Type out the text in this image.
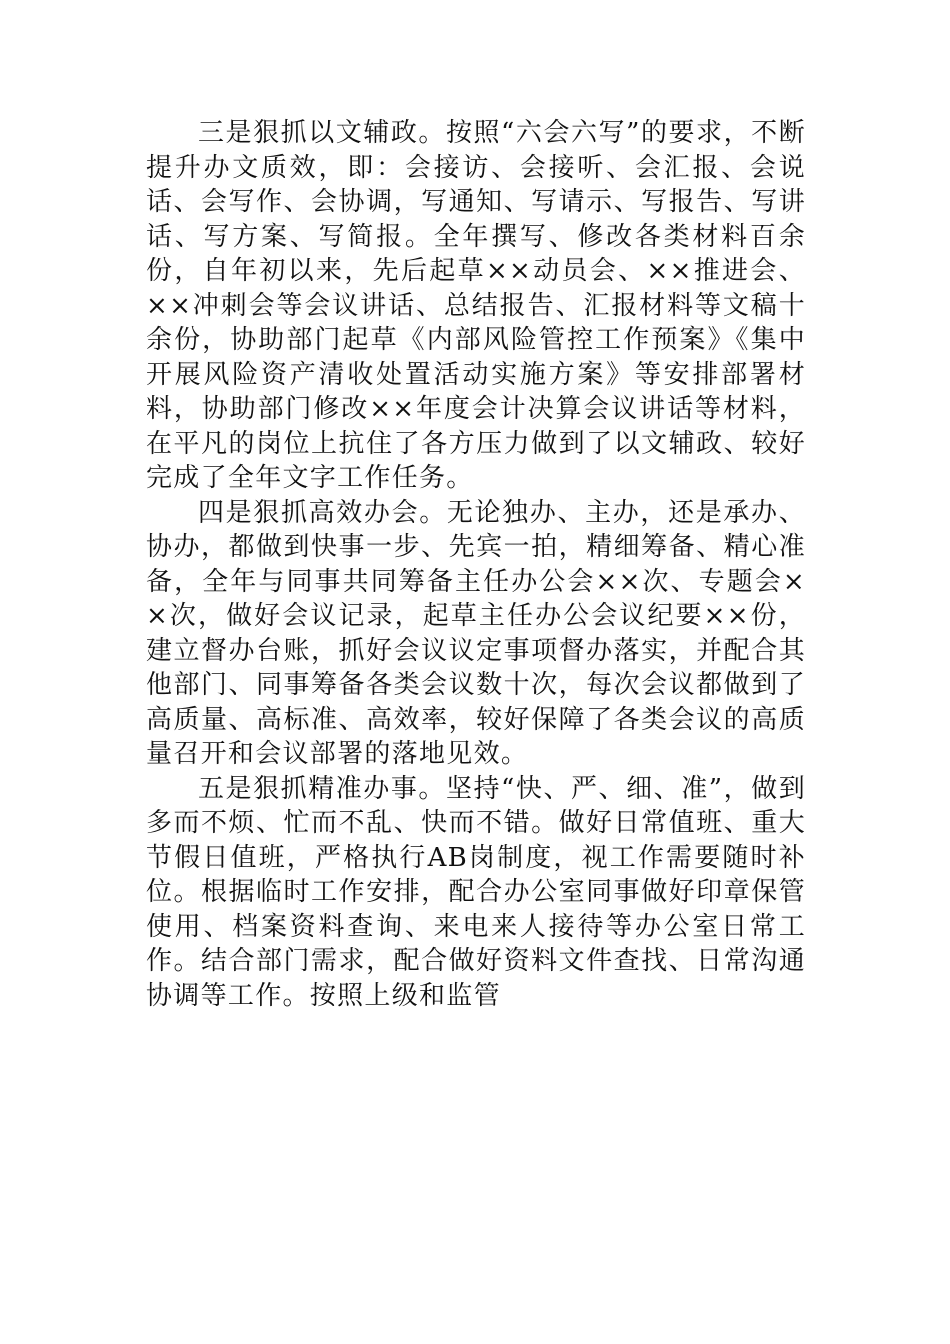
三是狠抓以文辅政。按照“六会六写”的要求，不断提升办文质效，即：会接访、会接听、会汇报、会说话、会写作、会协调，写通知、写请示、写报告、写讲话、写方案、写简报。全年撰写、修改各类材料百余份，自年初以来，先后起草××动员会、××推进会、××冲刺会等会议讲话、总结报告、汇报材料等文稿十余份，协助部门起草《内部风险管控工作预案》《集中开展风险资产清收处置活动实施方案》等安排部署材料，协助部门修改××年度会计决算会议讲话等材料，在平凡的岗位上抗住了各方压力做到了以文辅政、较好完成了全年文字工作任务。

四是狠抓高效办会。无论独办、主办，还是承办、协办，都做到快事一步、先宾一拍，精细筹备、精心准备，全年与同事共同筹备主任办公会××次、专题会××次，做好会议记录，起草主任办公会议纪要××份，建立督办台账，抓好会议议定事项督办落实，并配合其他部门、同事筹备各类会议数十次，每次会议都做到了高质量、高标准、高效率，较好保障了各类会议的高质量召开和会议部署的落地见效。

五是狠抓精准办事。坚持“快、严、细、准”，做到多而不烦、忙而不乱、快而不错。做好日常值班、重大节假日值班，严格执行AB岗制度，视工作需要随时补位。根据临时工作安排，配合办公室同事做好印章保管使用、档案资料查询、来电来人接待等办公室日常工作。结合部门需求，配合做好资料文件查找、日常沟通协调等工作。按照上级和监管
